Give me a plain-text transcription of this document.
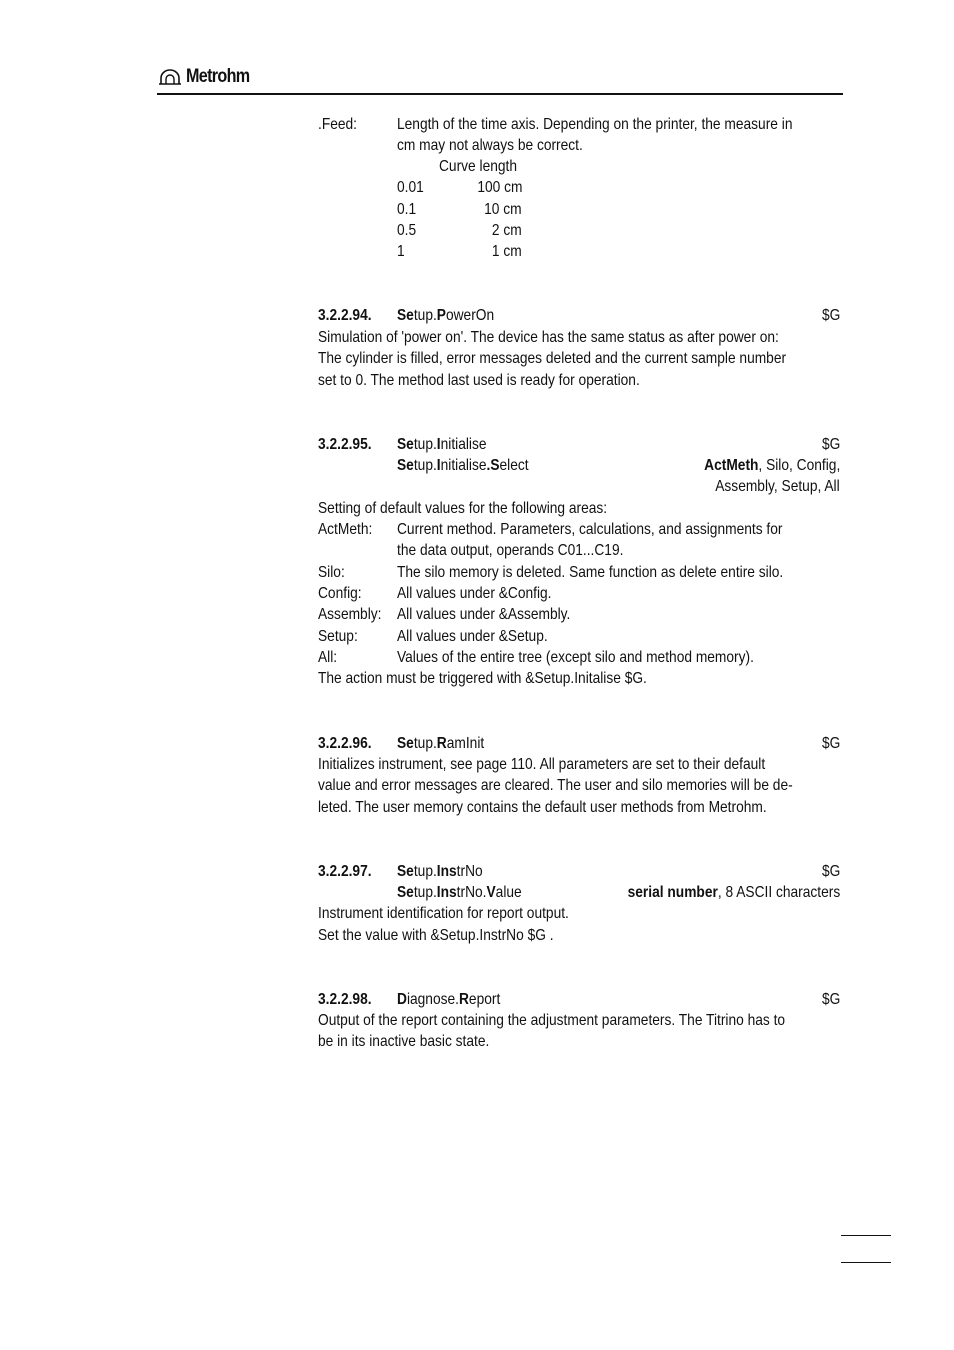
Metrohm
.Feed: Length of the time axis. Depending on the printer, the measure in
cm may not always be correct.
Curve length
0.01	100 cm
0.1	10 cm
0.5	2 cm
1	1 cm
3.2.2.94. Setup.PowerOn	$G
Simulation of 'power on'. The device has the same status as after power on:
The cylinder is filled, error messages deleted and the current sample number
set to 0. The method last used is ready for operation.
3.2.2.95. Setup.Initialise	$G
Setup.Initialise.Select	ActMeth, Silo, Config,
Assembly, Setup, All
Setting of default values for the following areas:
ActMeth: Current method. Parameters, calculations, and assignments for
the data output, operands C01...C19.
Silo:	The silo memory is deleted. Same function as delete entire silo.
Config: All values under &Config.
Assembly: All values under &Assembly.
Setup: All values under &Setup.
All:	Values of the entire tree (except silo and method memory).
The action must be triggered with &Setup.Initalise $G.
3.2.2.96. Setup.RamInit	$G
Initializes instrument, see page 110. All parameters are set to their default
value and error messages are cleared. The user and silo memories will be de-
leted. The user memory contains the default user methods from Metrohm.
3.2.2.97. Setup.InstrNo	$G
Setup.InstrNo.Value	serial number, 8 ASCII characters
Instrument identification for report output.
Set the value with &Setup.InstrNo $G .
3.2.2.98. Diagnose.Report	$G
Output of the report containing the adjustment parameters. The Titrino has to
be in its inactive basic state.
